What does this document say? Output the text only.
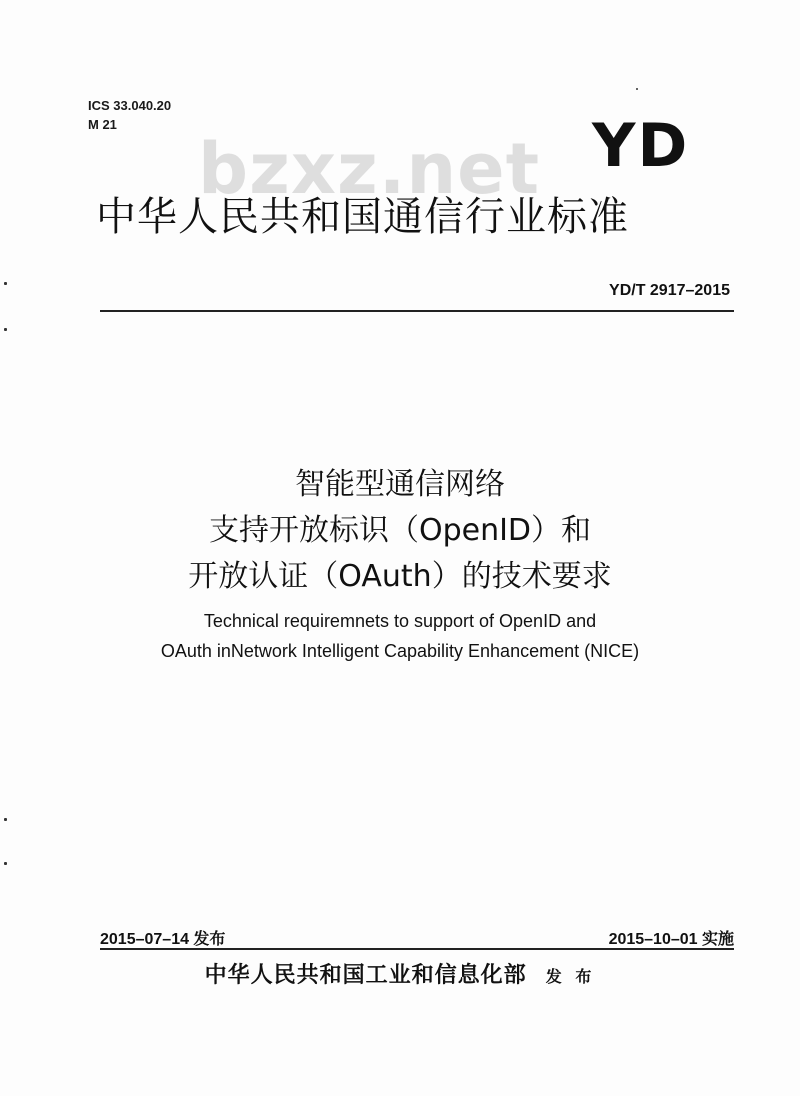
ICS 33.040.20
M 21
bzxz.net YD
中华人民共和国通信行业标准
YD/T 2917–2015
智能型通信网络
支持开放标识（OpenID）和
开放认证（OAuth）的技术要求
Technical requiremnets to support of OpenID and
OAuth inNetwork Intelligent Capability Enhancement (NICE)
2015–07–14 发布	2015–10–01 实施
中华人民共和国工业和信息化部 发 布
